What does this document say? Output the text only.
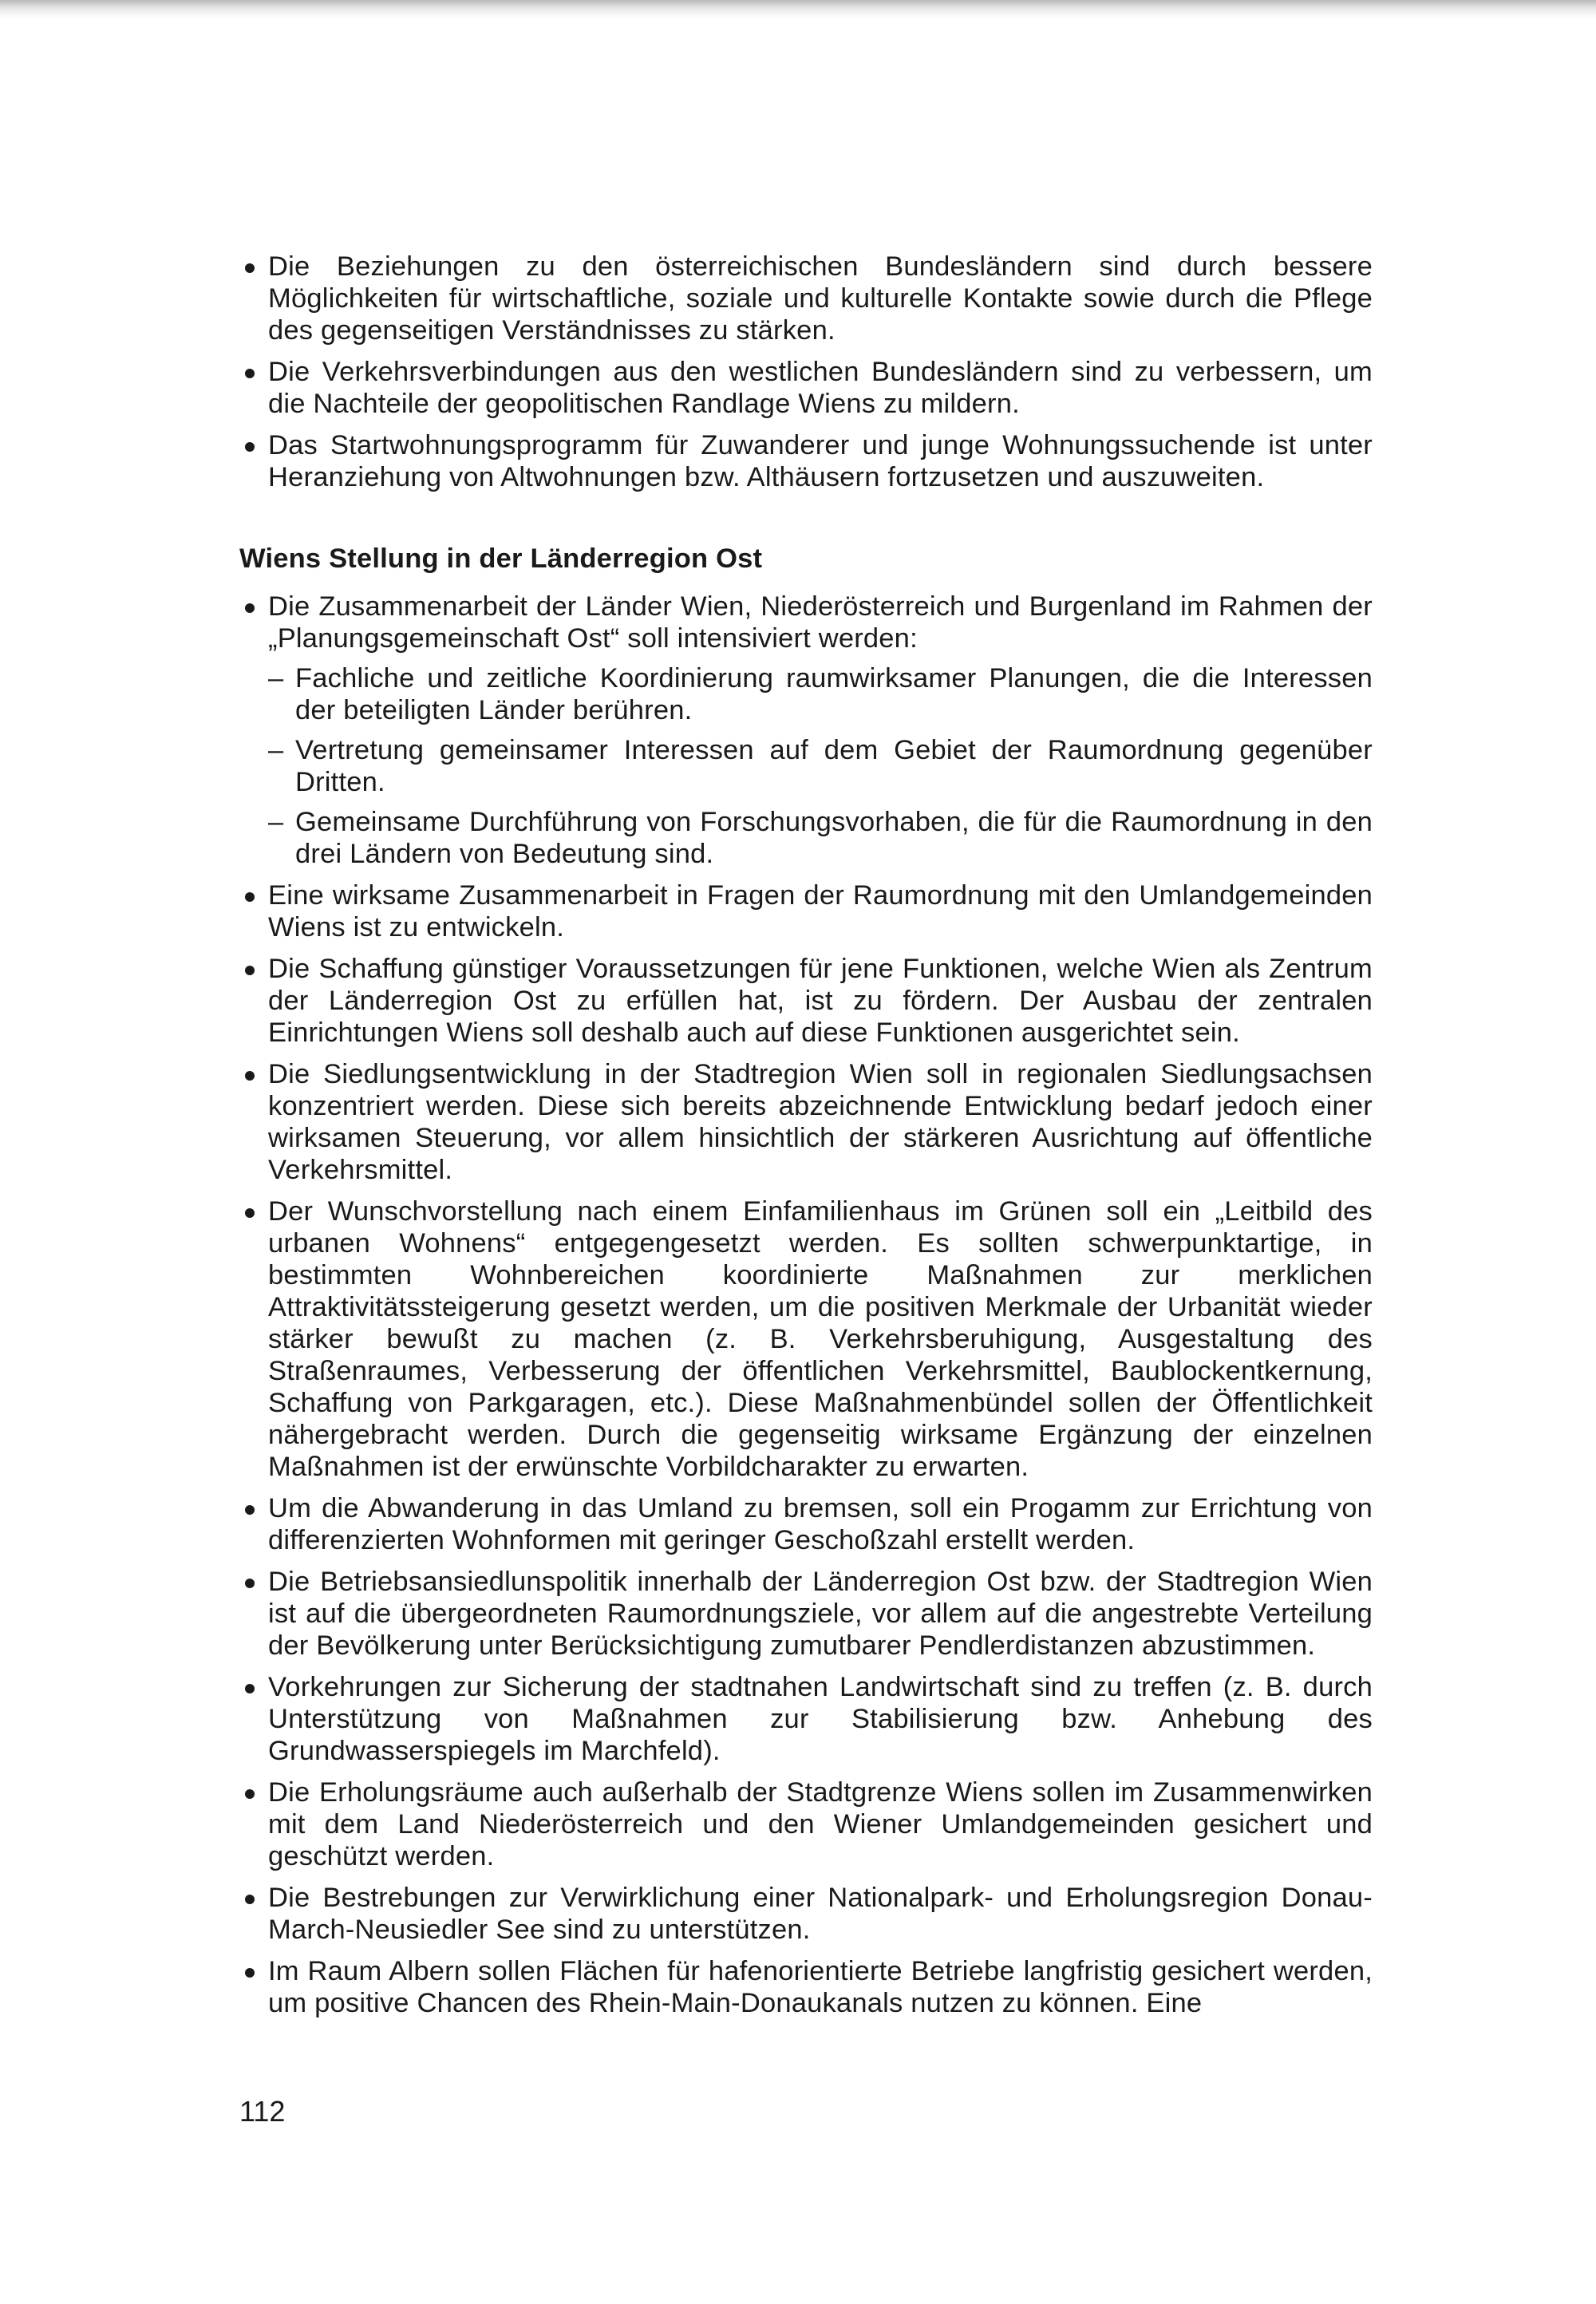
Die Beziehungen zu den österreichischen Bundesländern sind durch bessere Möglichkeiten für wirtschaftliche, soziale und kulturelle Kontakte sowie durch die Pflege des gegenseitigen Verständnisses zu stärken.
Die Verkehrsverbindungen aus den westlichen Bundesländern sind zu verbessern, um die Nachteile der geopolitischen Randlage Wiens zu mildern.
Das Startwohnungsprogramm für Zuwanderer und junge Wohnungssuchende ist unter Heranziehung von Altwohnungen bzw. Althäusern fortzusetzen und auszuweiten.
Wiens Stellung in der Länderregion Ost
Die Zusammenarbeit der Länder Wien, Niederösterreich und Burgenland im Rahmen der „Planungsgemeinschaft Ost“ soll intensiviert werden:
– Fachliche und zeitliche Koordinierung raumwirksamer Planungen, die die Interessen der beteiligten Länder berühren.
– Vertretung gemeinsamer Interessen auf dem Gebiet der Raumordnung gegenüber Dritten.
– Gemeinsame Durchführung von Forschungsvorhaben, die für die Raumordnung in den drei Ländern von Bedeutung sind.
Eine wirksame Zusammenarbeit in Fragen der Raumordnung mit den Umlandgemeinden Wiens ist zu entwickeln.
Die Schaffung günstiger Voraussetzungen für jene Funktionen, welche Wien als Zentrum der Länderregion Ost zu erfüllen hat, ist zu fördern. Der Ausbau der zentralen Einrichtungen Wiens soll deshalb auch auf diese Funktionen ausgerichtet sein.
Die Siedlungsentwicklung in der Stadtregion Wien soll in regionalen Siedlungsachsen konzentriert werden. Diese sich bereits abzeichnende Entwicklung bedarf jedoch einer wirksamen Steuerung, vor allem hinsichtlich der stärkeren Ausrichtung auf öffentliche Verkehrsmittel.
Der Wunschvorstellung nach einem Einfamilienhaus im Grünen soll ein „Leitbild des urbanen Wohnens“ entgegengesetzt werden. Es sollten schwerpunktartige, in bestimmten Wohnbereichen koordinierte Maßnahmen zur merklichen Attraktivitätssteigerung gesetzt werden, um die positiven Merkmale der Urbanität wieder stärker bewußt zu machen (z. B. Verkehrsberuhigung, Ausgestaltung des Straßenraumes, Verbesserung der öffentlichen Verkehrsmittel, Baublockentkernung, Schaffung von Parkgaragen, etc.). Diese Maßnahmenbündel sollen der Öffentlichkeit nähergebracht werden. Durch die gegenseitig wirksame Ergänzung der einzelnen Maßnahmen ist der erwünschte Vorbildcharakter zu erwarten.
Um die Abwanderung in das Umland zu bremsen, soll ein Progamm zur Errichtung von differenzierten Wohnformen mit geringer Geschoßzahl erstellt werden.
Die Betriebsansiedlunspolitik innerhalb der Länderregion Ost bzw. der Stadtregion Wien ist auf die übergeordneten Raumordnungsziele, vor allem auf die angestrebte Verteilung der Bevölkerung unter Berücksichtigung zumutbarer Pendlerdistanzen abzustimmen.
Vorkehrungen zur Sicherung der stadtnahen Landwirtschaft sind zu treffen (z. B. durch Unterstützung von Maßnahmen zur Stabilisierung bzw. Anhebung des Grundwasserspiegels im Marchfeld).
Die Erholungsräume auch außerhalb der Stadtgrenze Wiens sollen im Zusammenwirken mit dem Land Niederösterreich und den Wiener Umlandgemeinden gesichert und geschützt werden.
Die Bestrebungen zur Verwirklichung einer Nationalpark- und Erholungsregion Donau-March-Neusiedler See sind zu unterstützen.
Im Raum Albern sollen Flächen für hafenorientierte Betriebe langfristig gesichert werden, um positive Chancen des Rhein-Main-Donaukanals nutzen zu können. Eine
112
